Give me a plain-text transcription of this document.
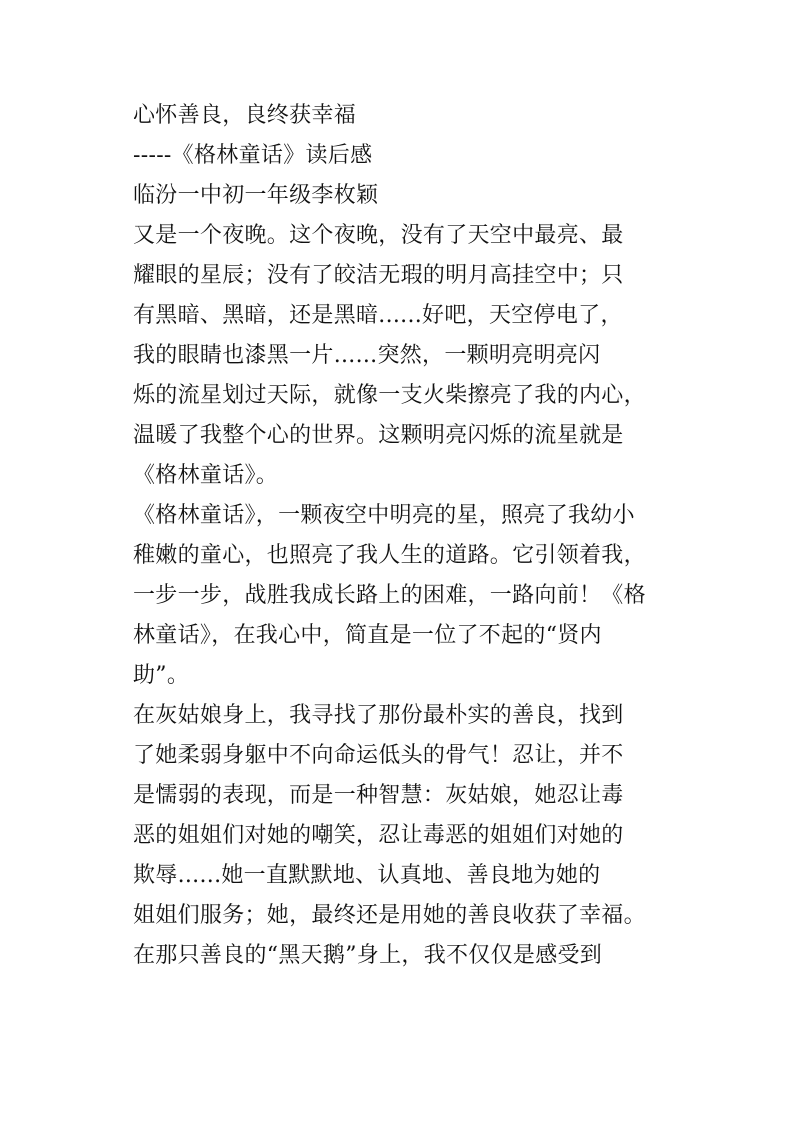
心怀善良，良终获幸福
-----《格林童话》读后感
临汾一中初一年级李枚颖
又是一个夜晚。这个夜晚，没有了天空中最亮、最
耀眼的星辰；没有了皎洁无瑕的明月高挂空中；只
有黑暗、黑暗，还是黑暗......好吧，天空停电了，
我的眼睛也漆黑一片......突然，一颗明亮明亮闪
烁的流星划过天际，就像一支火柴擦亮了我的内心，
温暖了我整个心的世界。这颗明亮闪烁的流星就是
《格林童话》。
《格林童话》，一颗夜空中明亮的星，照亮了我幼小
稚嫩的童心，也照亮了我人生的道路。它引领着我，
一步一步，战胜我成长路上的困难，一路向前！《格
林童话》，在我心中，简直是一位了不起的“贤内
助”。
在灰姑娘身上，我寻找了那份最朴实的善良，找到
了她柔弱身躯中不向命运低头的骨气！忍让，并不
是懦弱的表现，而是一种智慧：灰姑娘，她忍让毒
恶的姐姐们对她的嘲笑，忍让毒恶的姐姐们对她的
欺辱......她一直默默地、认真地、善良地为她的
姐姐们服务；她，最终还是用她的善良收获了幸福。
在那只善良的“黑天鹅”身上，我不仅仅是感受到
